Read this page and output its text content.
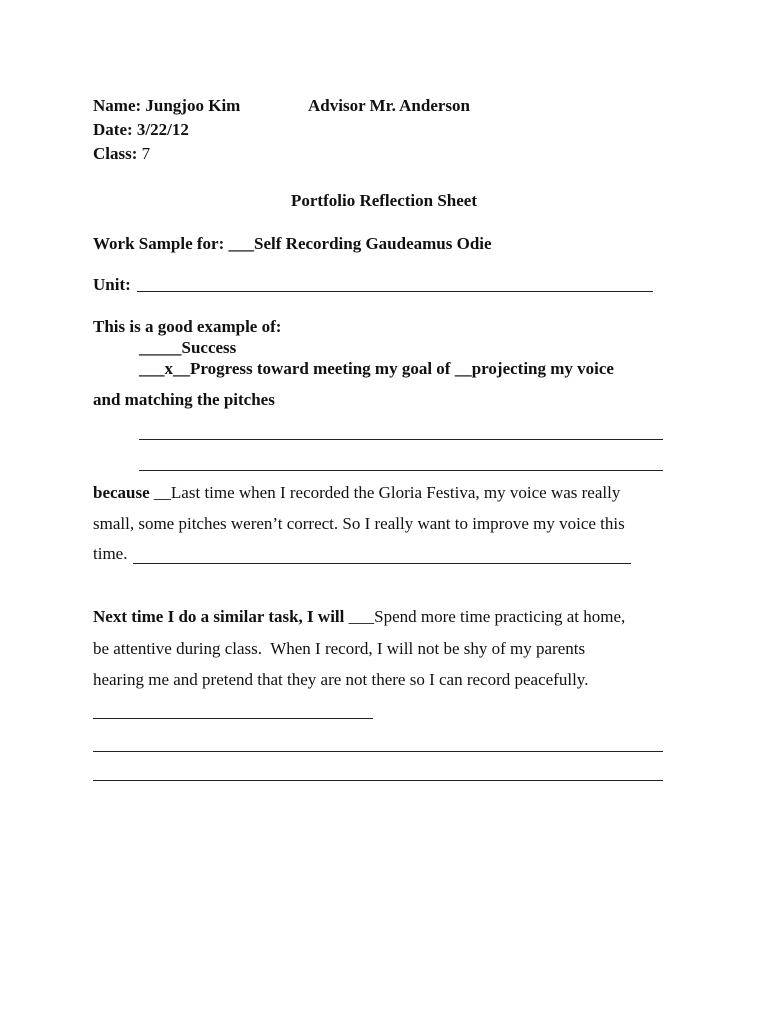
Name: Jungjoo Kim	Advisor Mr. Anderson
Date: 3/22/12
Class: 7
Portfolio Reflection Sheet
Work Sample for: ___Self Recording Gaudeamus Odie
Unit:
This is a good example of:
_____Success
___x__Progress toward meeting my goal of __projecting my voice
and matching the pitches
because __Last time when I recorded the Gloria Festiva, my voice was really
small, some pitches weren’t correct. So I really want to improve my voice this
time.
Next time I do a similar task, I will ___Spend more time practicing at home,
be attentive during class.  When I record, I will not be shy of my parents
hearing me and pretend that they are not there so I can record peacefully.
